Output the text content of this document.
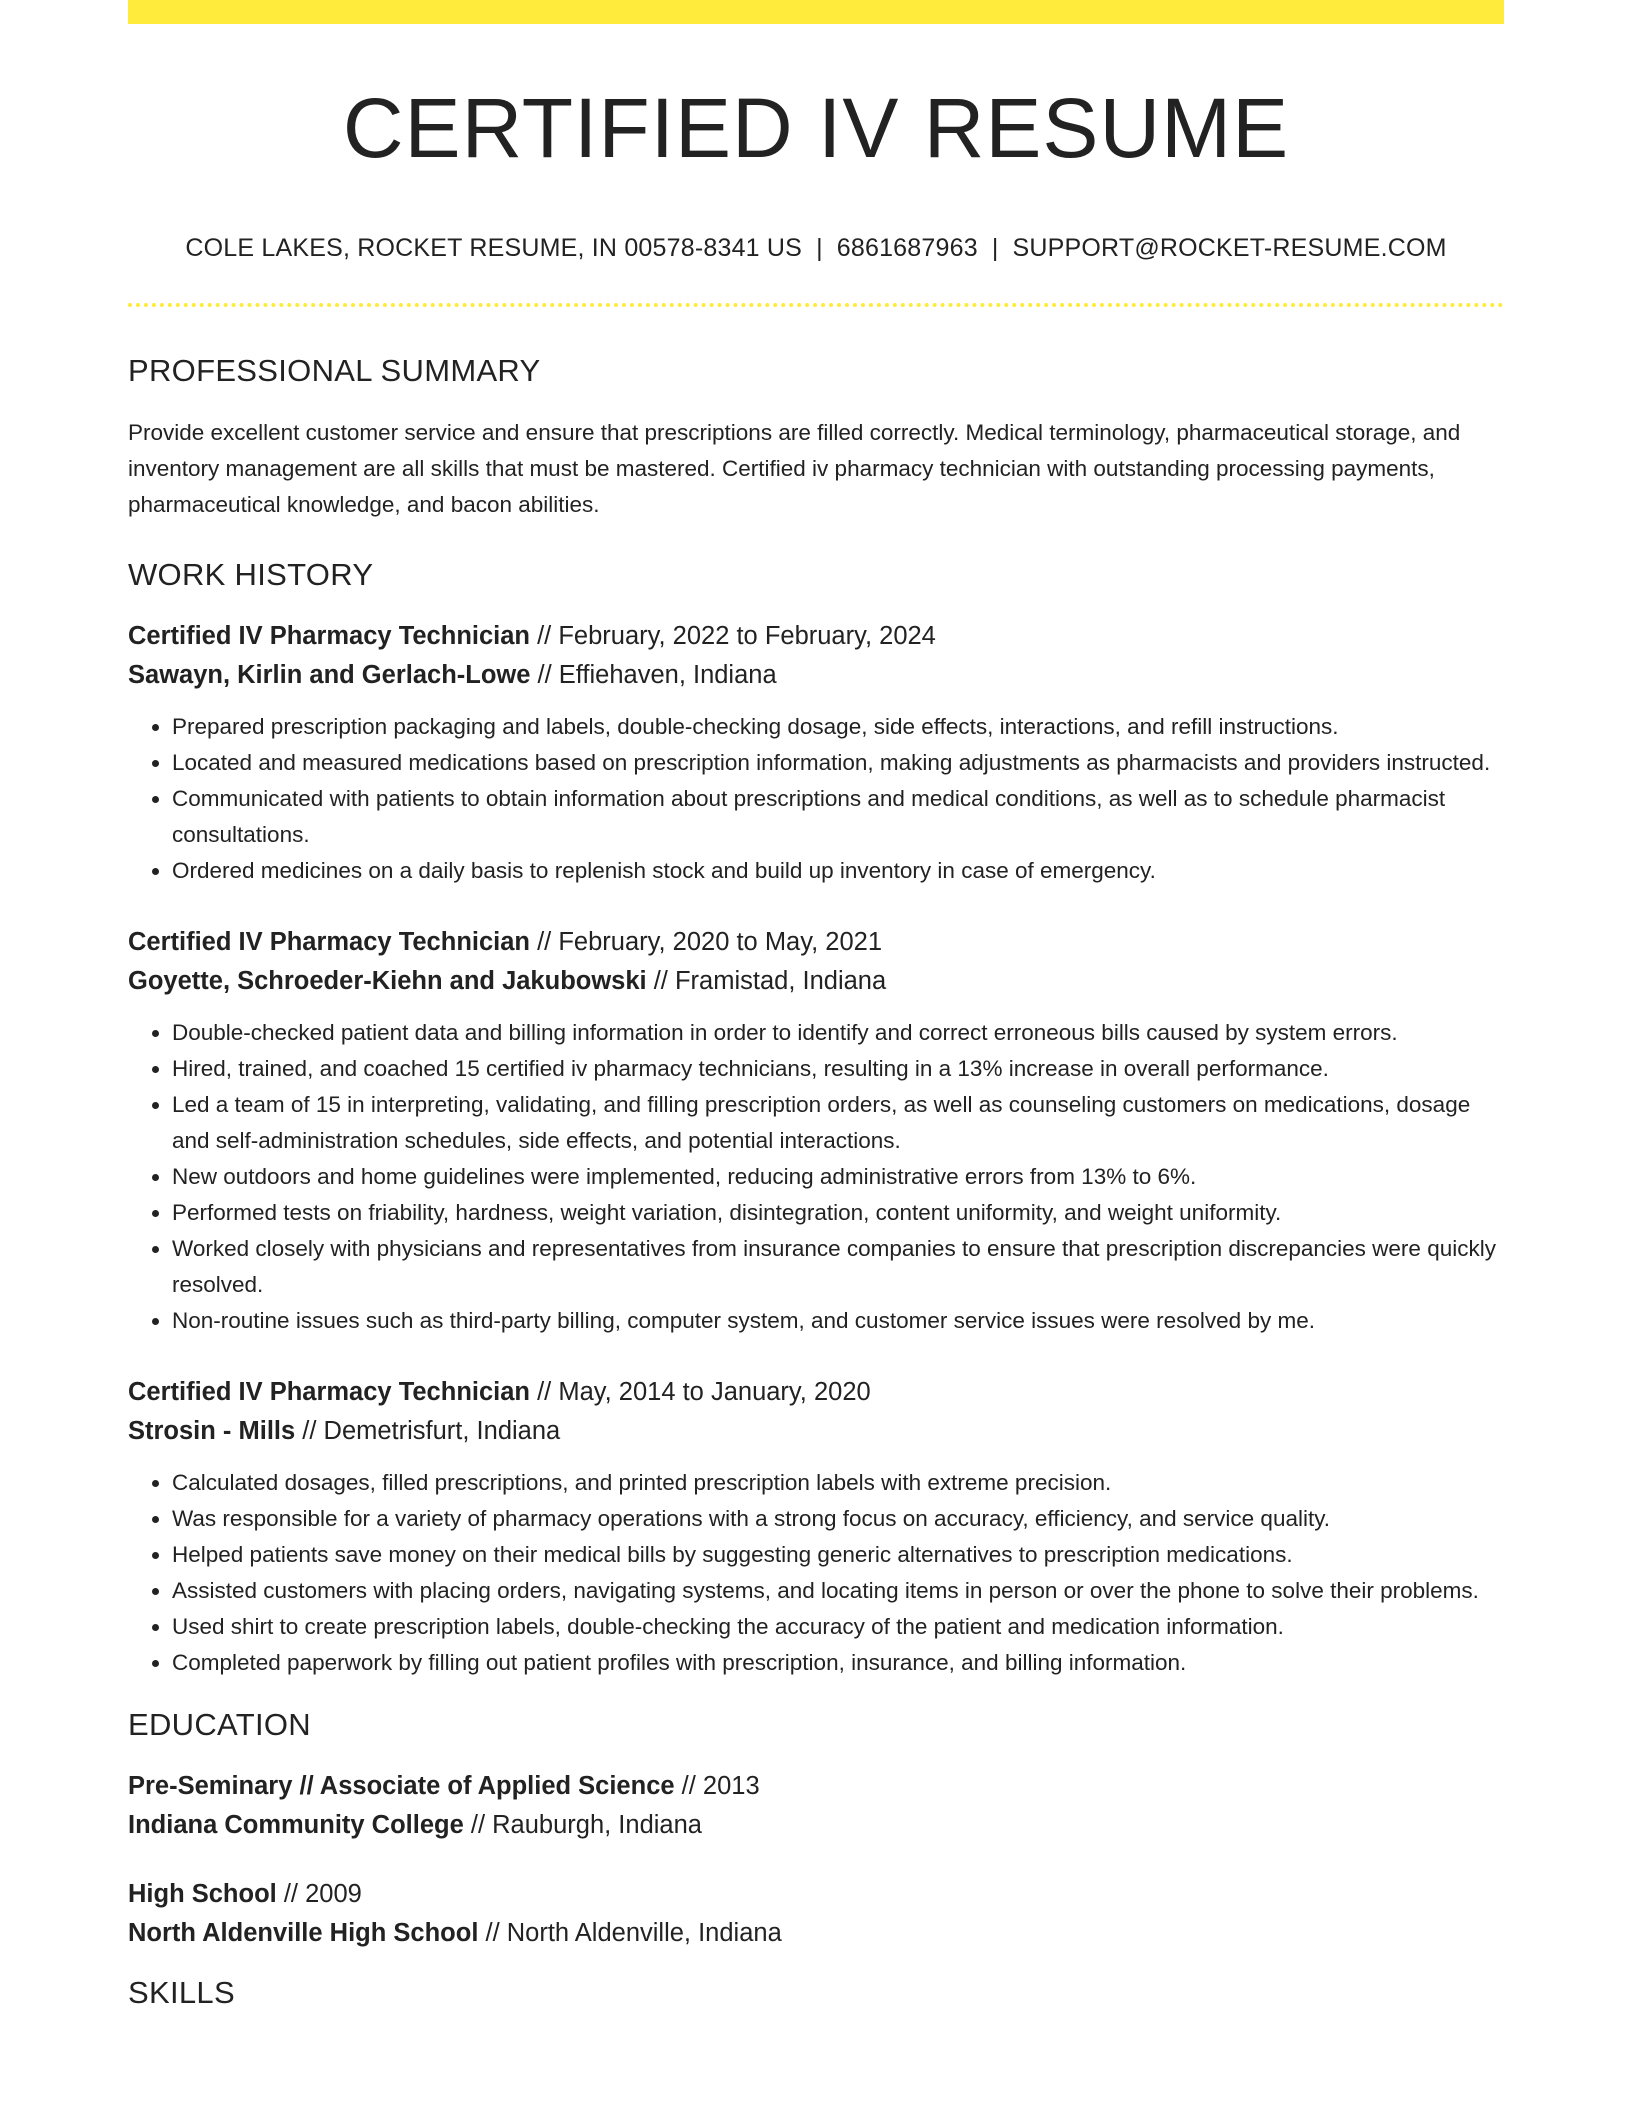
CERTIFIED IV RESUME
COLE LAKES, ROCKET RESUME, IN 00578-8341 US | 6861687963 | SUPPORT@ROCKET-RESUME.COM
PROFESSIONAL SUMMARY

Provide excellent customer service and ensure that prescriptions are filled correctly. Medical terminology, pharmaceutical storage, and inventory management are all skills that must be mastered. Certified iv pharmacy technician with outstanding processing payments, pharmaceutical knowledge, and bacon abilities.

WORK HISTORY
Certified IV Pharmacy Technician // February, 2022 to February, 2024
Sawayn, Kirlin and Gerlach-Lowe // Effiehaven, Indiana
• Prepared prescription packaging and labels, double-checking dosage, side effects, interactions, and refill instructions.
• Located and measured medications based on prescription information, making adjustments as pharmacists and providers instructed.
• Communicated with patients to obtain information about prescriptions and medical conditions, as well as to schedule pharmacist consultations.
• Ordered medicines on a daily basis to replenish stock and build up inventory in case of emergency.
Certified IV Pharmacy Technician // February, 2020 to May, 2021
Goyette, Schroeder-Kiehn and Jakubowski // Framistad, Indiana
• Double-checked patient data and billing information in order to identify and correct erroneous bills caused by system errors.
• Hired, trained, and coached 15 certified iv pharmacy technicians, resulting in a 13% increase in overall performance.
• Led a team of 15 in interpreting, validating, and filling prescription orders, as well as counseling customers on medications, dosage and self-administration schedules, side effects, and potential interactions.
• New outdoors and home guidelines were implemented, reducing administrative errors from 13% to 6%.
• Performed tests on friability, hardness, weight variation, disintegration, content uniformity, and weight uniformity.
• Worked closely with physicians and representatives from insurance companies to ensure that prescription discrepancies were quickly resolved.
• Non-routine issues such as third-party billing, computer system, and customer service issues were resolved by me.
Certified IV Pharmacy Technician // May, 2014 to January, 2020
Strosin - Mills // Demetrisfurt, Indiana
• Calculated dosages, filled prescriptions, and printed prescription labels with extreme precision.
• Was responsible for a variety of pharmacy operations with a strong focus on accuracy, efficiency, and service quality.
• Helped patients save money on their medical bills by suggesting generic alternatives to prescription medications.
• Assisted customers with placing orders, navigating systems, and locating items in person or over the phone to solve their problems.
• Used shirt to create prescription labels, double-checking the accuracy of the patient and medication information.
• Completed paperwork by filling out patient profiles with prescription, insurance, and billing information.
EDUCATION
Pre-Seminary // Associate of Applied Science // 2013
Indiana Community College // Rauburgh, Indiana
High School // 2009
North Aldenville High School // North Aldenville, Indiana
SKILLS
